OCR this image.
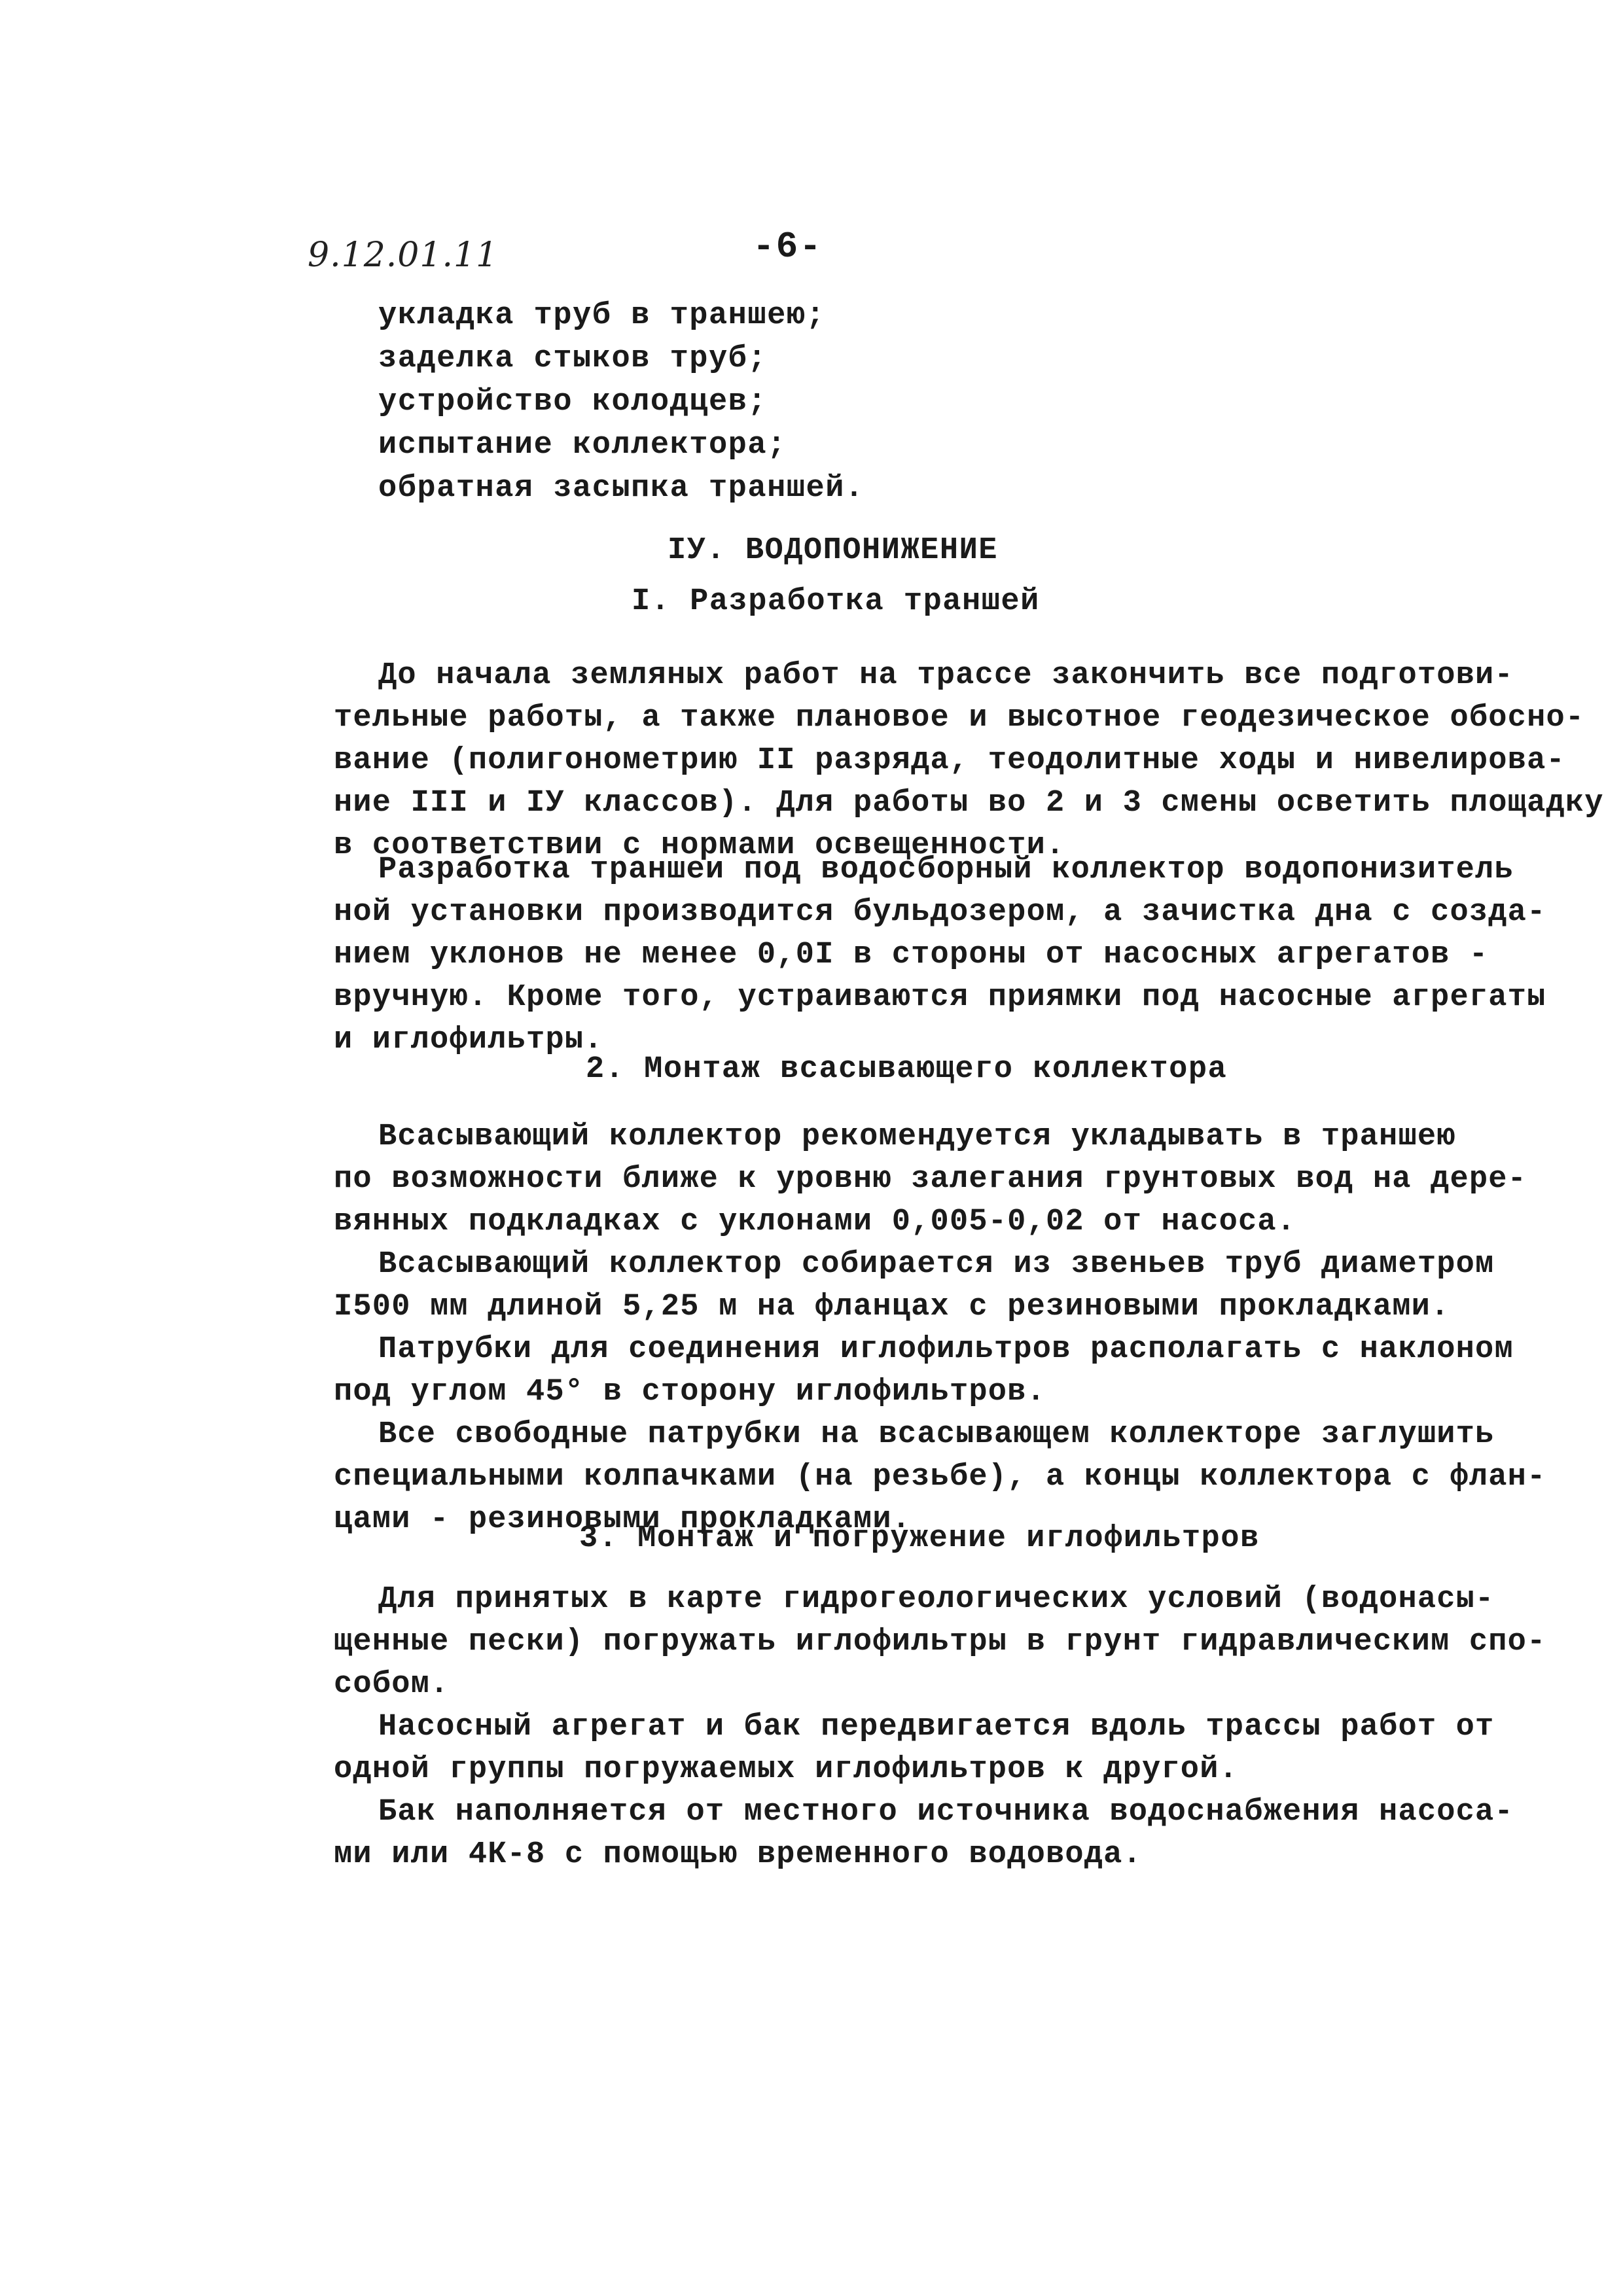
9.12.01.11	-6-
укладка труб в траншею;
заделка стыков труб;
устройство колодцев;
испытание коллектора;
обратная засыпка траншей.
IУ. ВОДОПОНИЖЕНИЕ
I. Разработка траншей
До начала земляных работ на трассе закончить все подготови-
тельные работы, а также плановое и высотное геодезическое обосно-
вание (полигонометрию II разряда, теодолитные ходы и нивелирова-
ние III и IУ классов). Для работы во 2 и 3 смены осветить площадку
в соответствии с нормами освещенности.
Разработка траншеи под водосборный коллектор водопонизитель
ной установки производится бульдозером, а зачистка дна с созда-
нием уклонов не менее 0,0I в стороны от насосных агрегатов -
вручную. Кроме того, устраиваются приямки под насосные агрегаты
и иглофильтры.
2. Монтаж всасывающего коллектора
Всасывающий коллектор рекомендуется укладывать в траншею
по возможности ближе к уровню залегания грунтовых вод на дере-
вянных подкладках с уклонами 0,005-0,02 от насоса.
Всасывающий коллектор собирается из звеньев труб диаметром
I500 мм длиной 5,25 м на фланцах с резиновыми прокладками.
Патрубки для соединения иглофильтров располагать с наклоном
под углом 45° в сторону иглофильтров.
Все свободные патрубки на всасывающем коллекторе заглушить
специальными колпачками (на резьбе), а концы коллектора с флан-
цами - резиновыми прокладками.
3. Монтаж и погружение иглофильтров
Для принятых в карте гидрогеологических условий (водонасы-
щенные пески) погружать иглофильтры в грунт гидравлическим спо-
собом.
Насосный агрегат и бак передвигается вдоль трассы работ от
одной группы погружаемых иглофильтров к другой.
Бак наполняется от местного источника водоснабжения насоса-
ми или 4К-8 с помощью временного водовода.
